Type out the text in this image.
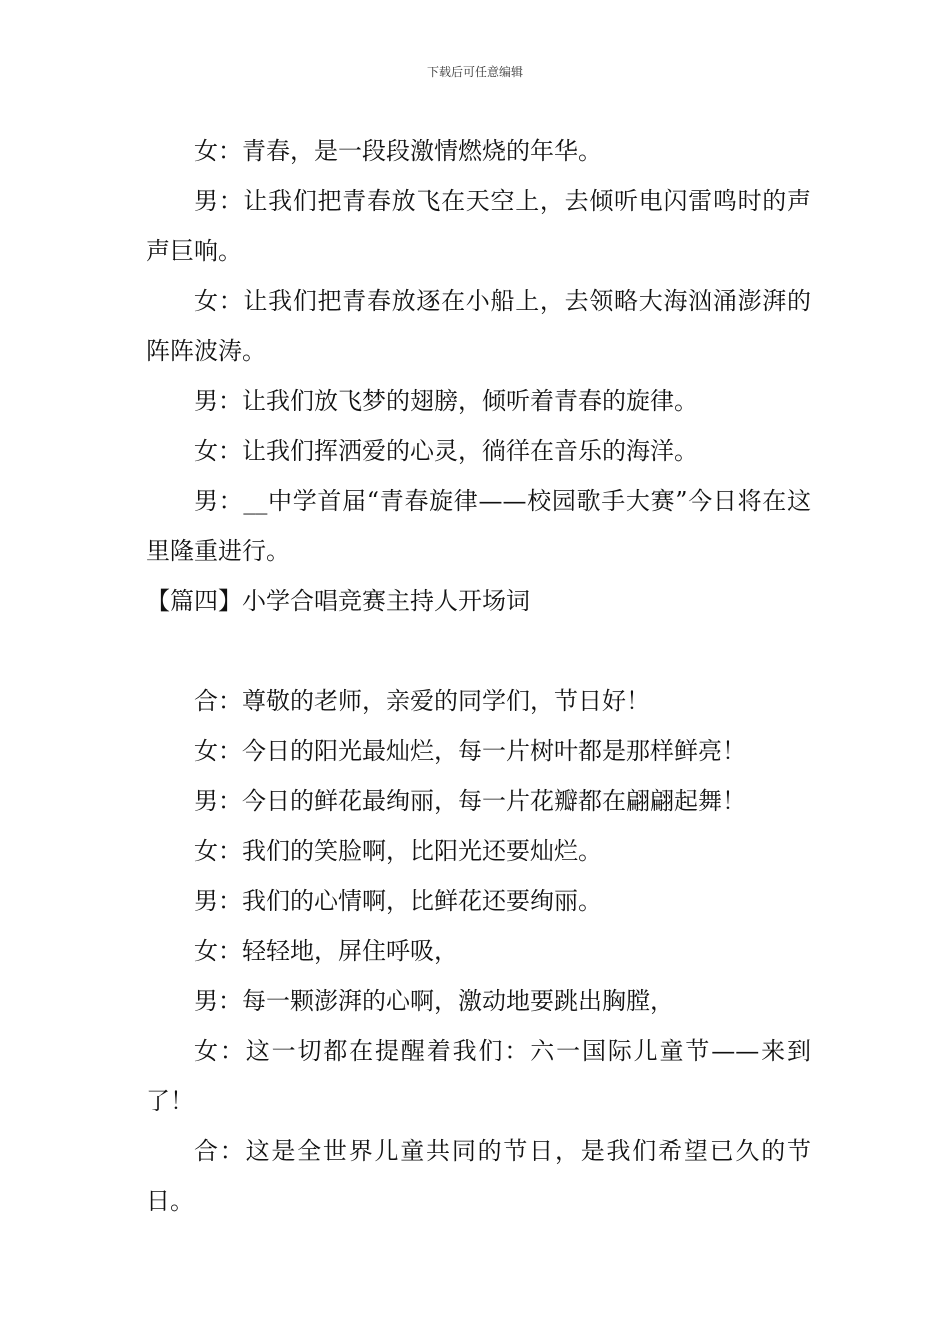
下载后可任意编辑

女：青春，是一段段激情燃烧的年华。

男：让我们把青春放飞在天空上，去倾听电闪雷鸣时的声声巨响。

女：让我们把青春放逐在小船上，去领略大海汹涌澎湃的阵阵波涛。

男：让我们放飞梦的翅膀，倾听着青春的旋律。

女：让我们挥洒爱的心灵，徜徉在音乐的海洋。

男：__中学首届“青春旋律——校园歌手大赛”今日将在这里隆重进行。

【篇四】小学合唱竞赛主持人开场词

合：尊敬的老师，亲爱的同学们，节日好！

女：今日的阳光最灿烂，每一片树叶都是那样鲜亮！

男：今日的鲜花最绚丽，每一片花瓣都在翩翩起舞！

女：我们的笑脸啊，比阳光还要灿烂。

男：我们的心情啊，比鲜花还要绚丽。

女：轻轻地，屏住呼吸，

男：每一颗澎湃的心啊，激动地要跳出胸膛，

女：这一切都在提醒着我们：六一国际儿童节——来到了！

合：这是全世界儿童共同的节日，是我们希望已久的节日。
